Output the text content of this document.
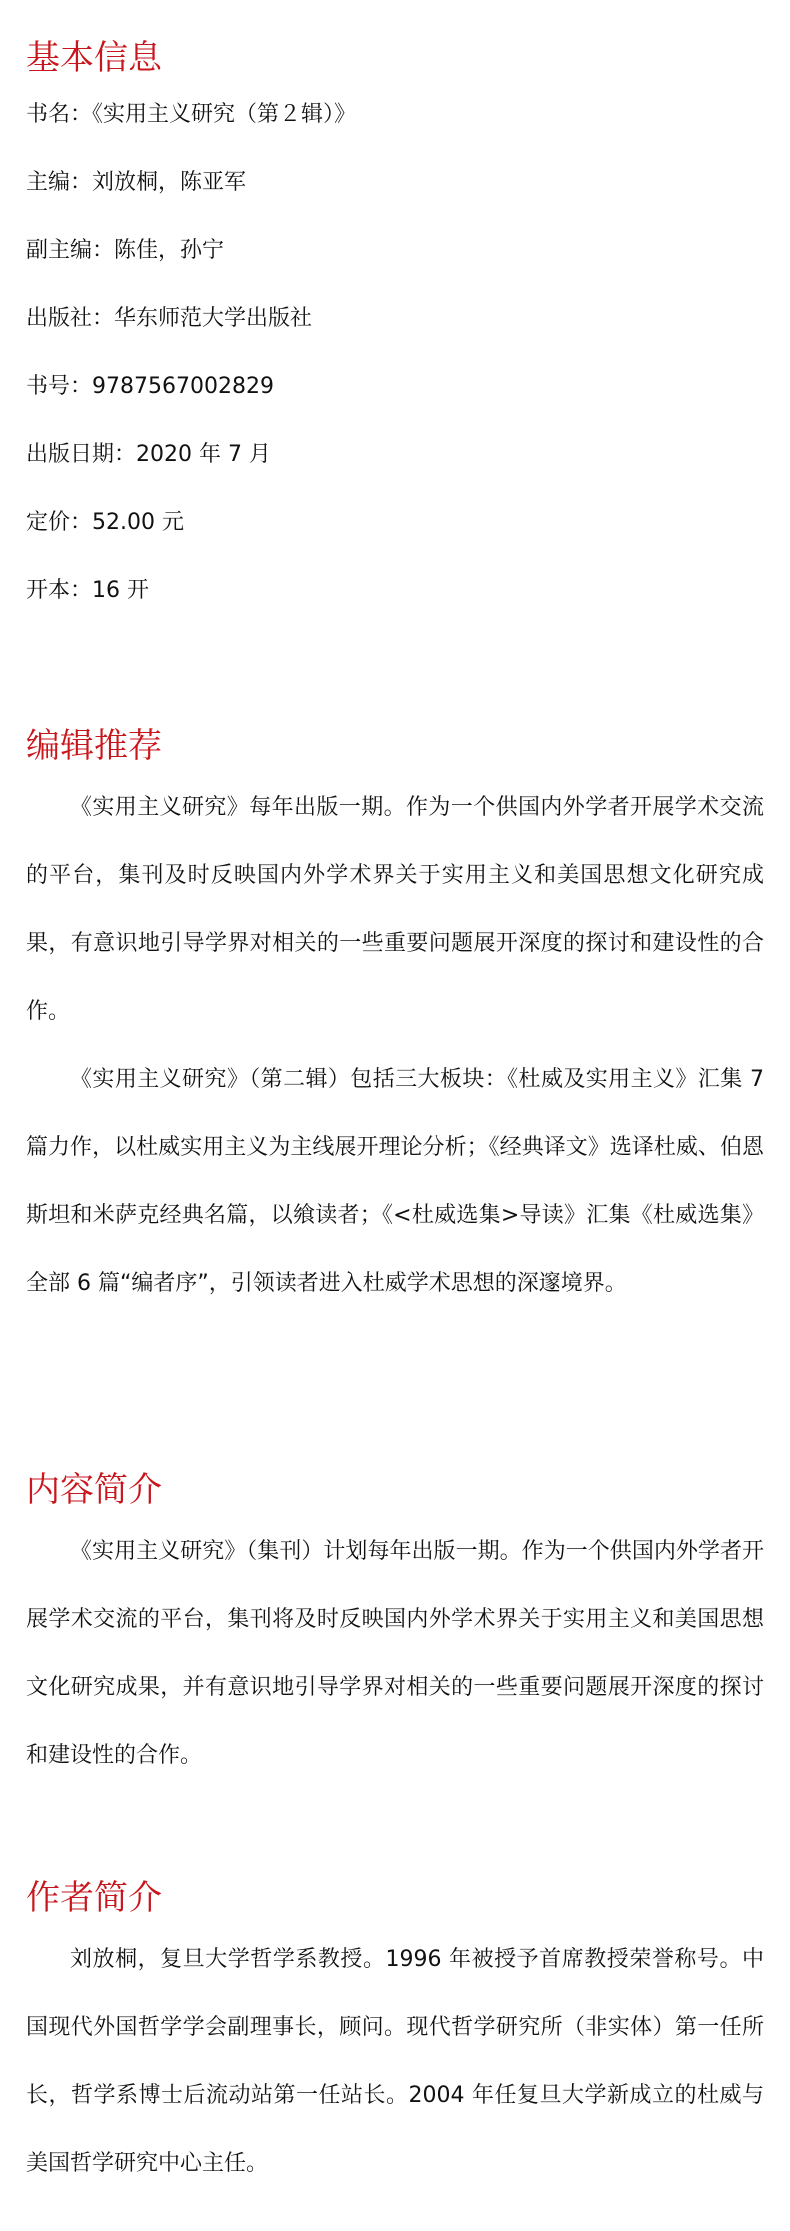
基本信息

书名：《实用主义研究（第２辑）》

主编：刘放桐，陈亚军

副主编：陈佳，孙宁

出版社：华东师范大学出版社

书号：9787567002829

出版日期：2020 年 7 月

定价：52.00 元

开本：16 开

编辑推荐

《实用主义研究》每年出版一期。作为一个供国内外学者开展学术交流的平台，集刊及时反映国内外学术界关于实用主义和美国思想文化研究成果，有意识地引导学界对相关的一些重要问题展开深度的探讨和建设性的合作。

《实用主义研究》（第二辑）包括三大板块：《杜威及实用主义》汇集 7 篇力作，以杜威实用主义为主线展开理论分析；《经典译文》选译杜威、伯恩斯坦和米萨克经典名篇，以飨读者；《<杜威选集>导读》汇集《杜威选集》全部 6 篇“编者序”，引领读者进入杜威学术思想的深邃境界。

内容简介

《实用主义研究》（集刊）计划每年出版一期。作为一个供国内外学者开展学术交流的平台，集刊将及时反映国内外学术界关于实用主义和美国思想文化研究成果，并有意识地引导学界对相关的一些重要问题展开深度的探讨和建设性的合作。

作者简介

刘放桐，复旦大学哲学系教授。1996 年被授予首席教授荣誉称号。中国现代外国哲学学会副理事长，顾问。现代哲学研究所（非实体）第一任所长，哲学系博士后流动站第一任站长。2004 年任复旦大学新成立的杜威与美国哲学研究中心主任。
